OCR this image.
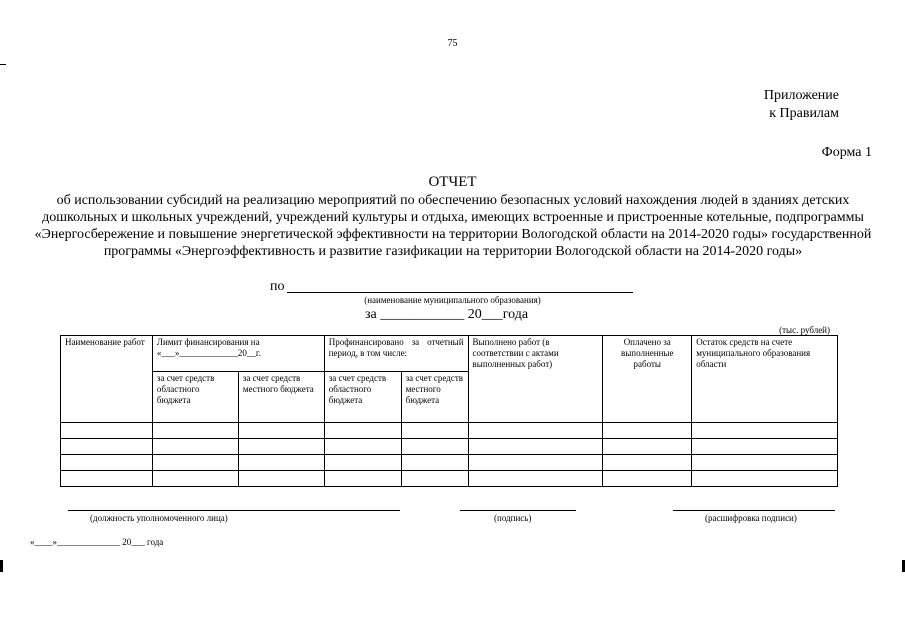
75
Приложение
к Правилам
Форма 1
ОТЧЕТ
об использовании субсидий на реализацию мероприятий по обеспечению безопасных условий нахождения людей в зданиях детских дошкольных и школьных учреждений, учреждений культуры и отдыха, имеющих встроенные и пристроенные котельные, подпрограммы «Энергосбережение и повышение энергетической эффективности на территории Вологодской области на 2014-2020 годы» государственной программы «Энергоэффективность и развитие газификации на территории Вологодской области на 2014-2020 годы»
по
(наименование муниципального образования)
за ____________ 20___года
(тыс. рублей)
Наименование работ	Лимит финансирования на «___»_____________20__г.		Профинансировано за отчетный период, в том числе:		Выполнено работ (в соответствии с актами выполненных работ)	Оплачено за выполненные работы	Остаток средств на счете муниципального образования области
	за счет средств областного бюджета	за счет средств местного бюджета	за счет средств областного бюджета	за счет средств местного бюджета			

(должность уполномоченного лица)	(подпись)	(расшифровка подписи)
«____»______________ 20___ года
